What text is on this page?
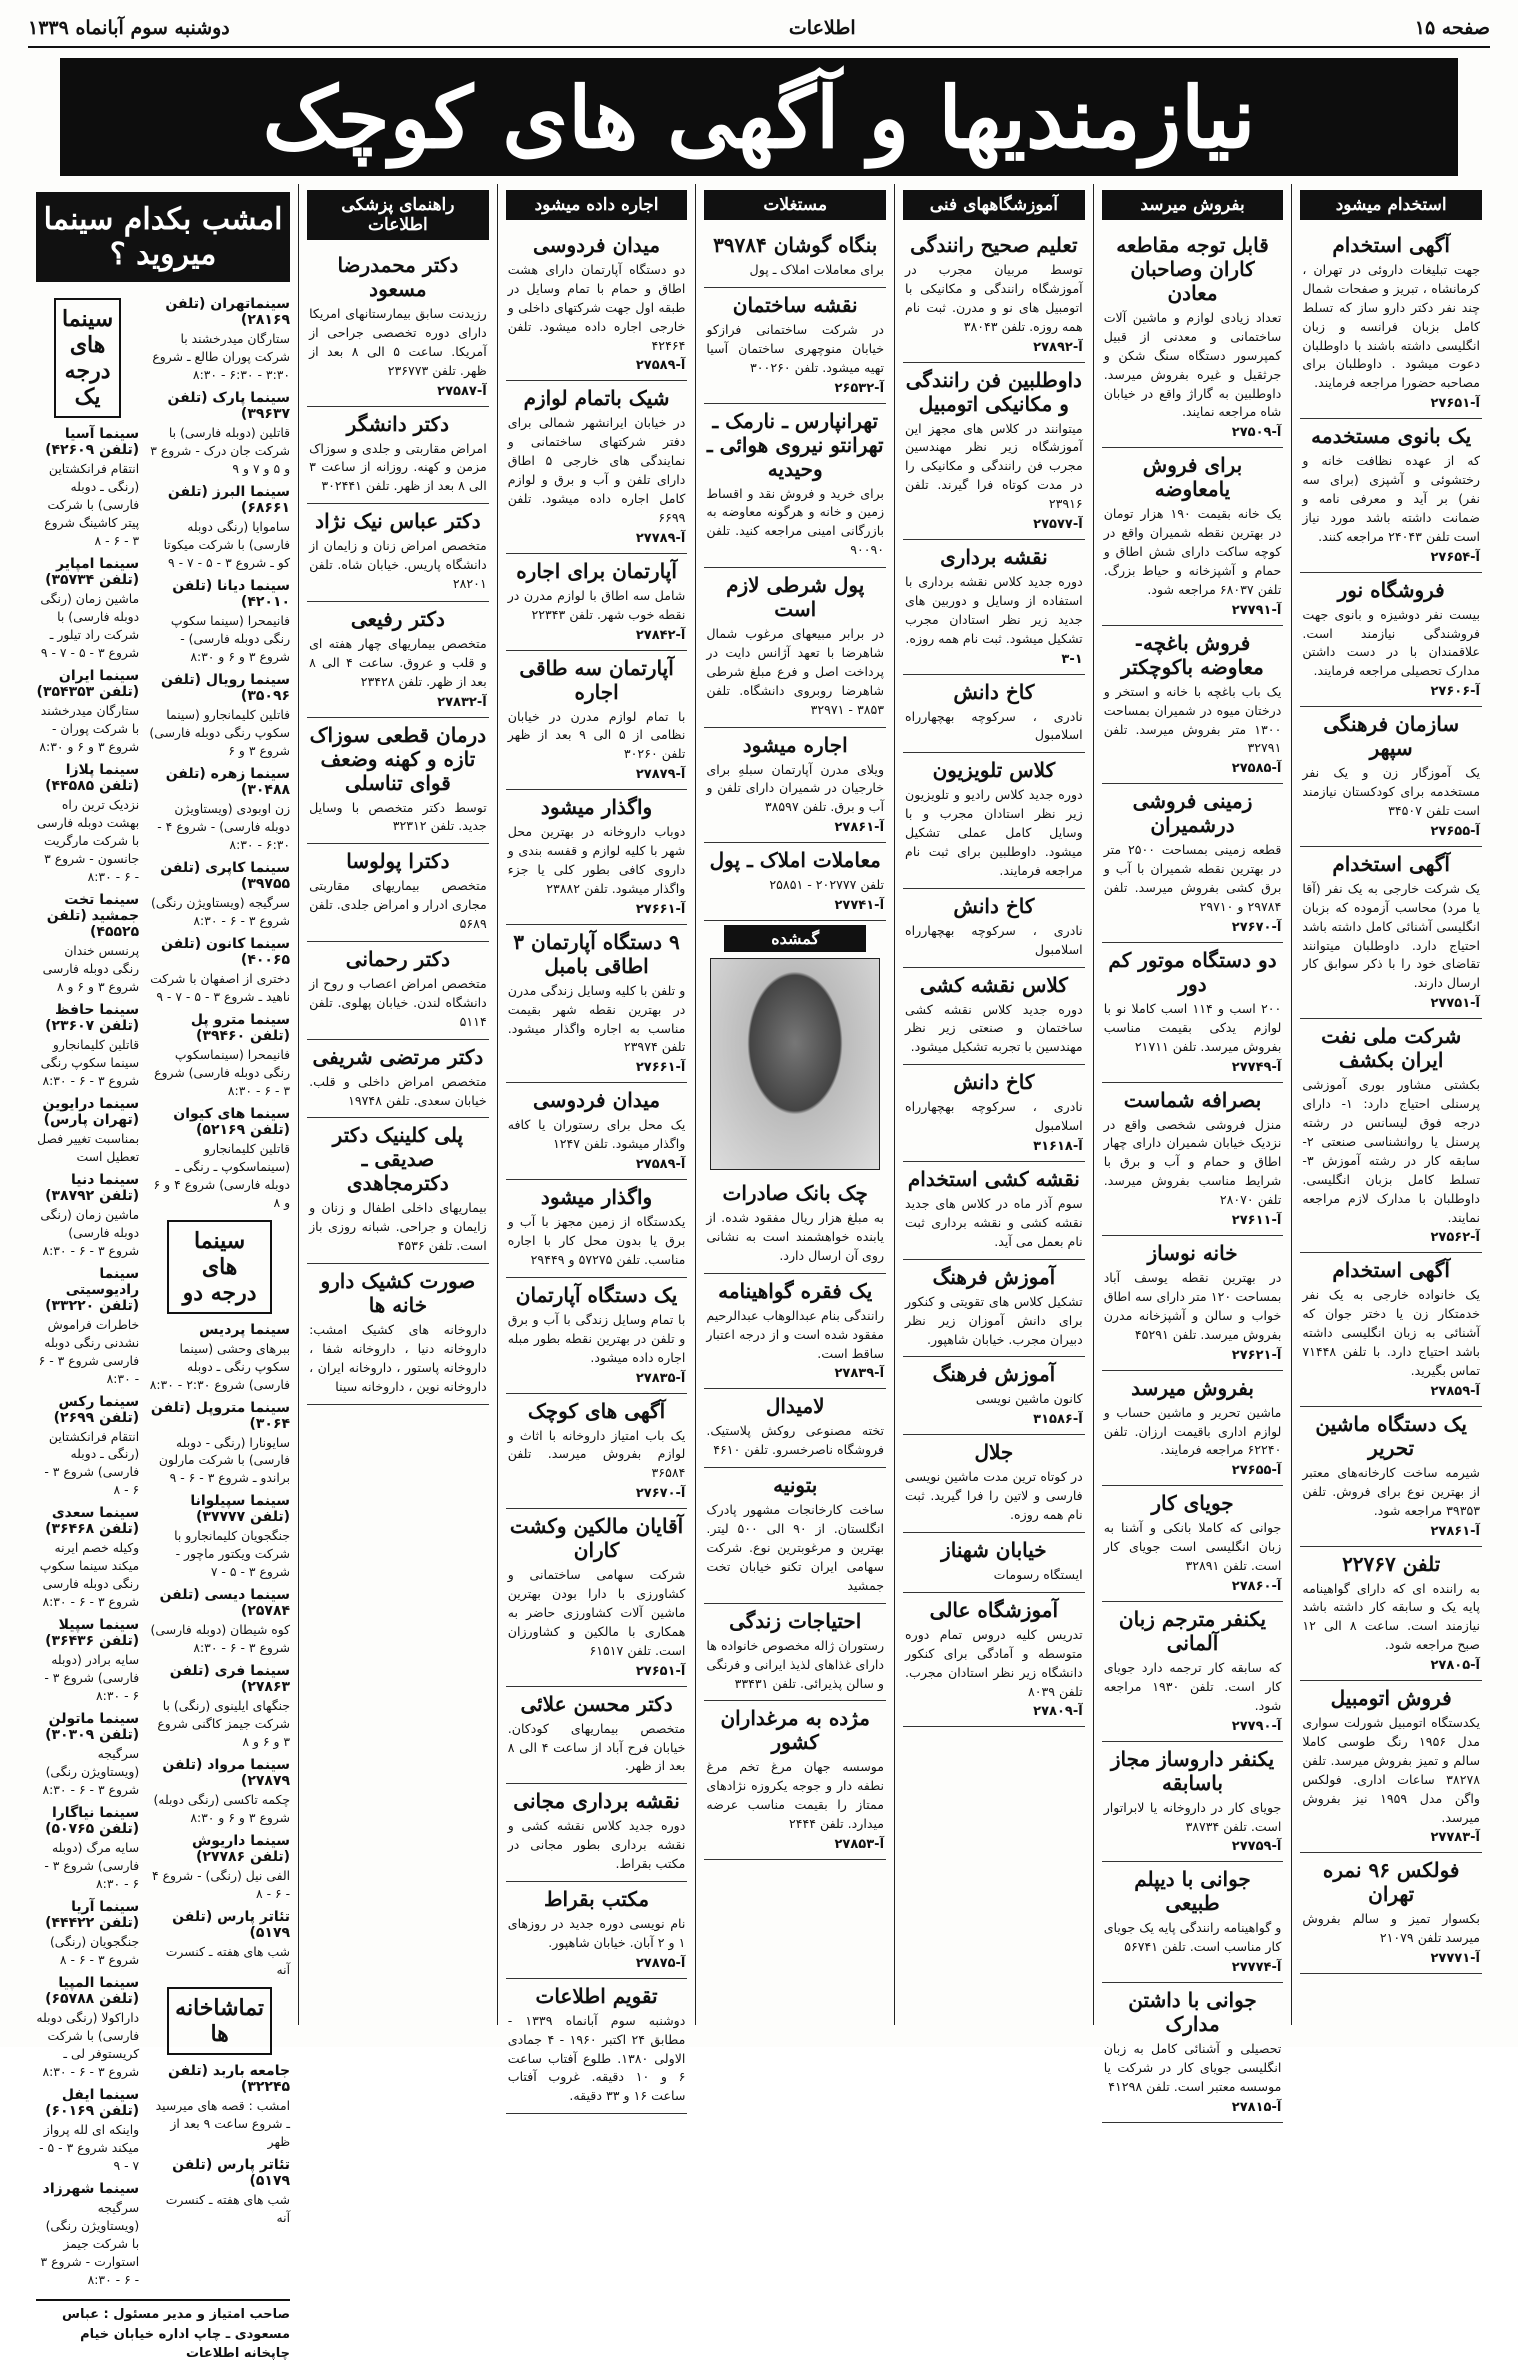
صفحه ۱۵
اطلاعات
دوشنبه سوم آبانماه ۱۳۳۹
نیازمندیها و آگهی های کوچک
استخدام میشود
آگهی استخدام

جهت تبلیغات داروئی در تهران ، کرمانشاه ، تبریز و صفحات شمال چند نفر دکتر دارو ساز که تسلط کامل بزبان فرانسه و زبان انگلیسی داشته باشند با داوطلبان دعوت میشود . داوطلبان برای مصاحبه حضورا مراجعه فرمایند.

آ-۲۷۶۵۱
یک بانوی مستخدمه

که از عهده نظافت خانه و رختشوئی و آشپزی (برای سه نفر) بر آید و معرفی نامه و ضمانت داشته باشد مورد نیاز است تلفن ۲۴۰۴۳ مراجعه کنند.

آ-۲۷۶۵۴
فروشگاه نور

بیست نفر دوشیزه و بانوی جهت فروشندگی نیازمند است. علاقمندان با در دست داشتن مدارک تحصیلی مراجعه فرمایند.

آ-۲۷۶۰۶
سازمان فرهنگی سپهر

یک آموزگار زن و یک نفر مستخدمه برای کودکستان نیازمند است تلفن ۳۴۵۰۷

آ-۲۷۶۵۵
آگهی استخدام

یک شرکت خارجی به یک نفر (آقا یا مرد) محاسب آزموده که بزبان انگلیسی آشنائی کامل داشته باشد احتیاج دارد. داوطلبان میتوانند تقاضای خود را با ذکر سوابق کار ارسال دارند.

آ-۲۷۷۵۱
شرکت ملی نفت ایران بکشف

بکشتی مشاور بوری آموزشی پرسنلی احتیاج دارد: ۱- دارای درجه فوق لیسانس در رشته پرسنل یا روانشناسی صنعتی ۲- سابقه کار در رشته آموزش ۳- تسلط کامل بزبان انگلیسی. داوطلبان با مدارک لازم مراجعه نمایند.

آ-۲۷۵۶۲
آگهی استخدام

یک خانواده خارجی به یک نفر خدمتکار زن یا دختر جوان که آشنائی به زبان انگلیسی داشته باشد احتیاج دارد. با تلفن ۷۱۴۴۸ تماس بگیرید.

آ-۲۷۸۵۹
یک دستگاه ماشین تحریر

شیرمه ساخت کارخانه‌های معتبر از بهترین نوع برای فروش. تلفن ۳۹۳۵۳ مراجعه شود.

آ-۲۷۸۶۱
تلفن ۲۲۷۶۷

به راننده ای که دارای گواهینامه پایه یک و سابقه کار داشته باشد نیازمند است. ساعت ۸ الی ۱۲ صبح مراجعه شود.

آ-۲۷۸۰۵
فروش اتومبیل

یکدستگاه اتومبیل شورلت سواری مدل ۱۹۵۶ رنگ طوسی کاملا سالم و تمیز بفروش میرسد. تلفن ۳۸۲۷۸ ساعات اداری. فولکس واگن مدل ۱۹۵۹ نیز بفروش میرسد.

آ-۲۷۷۸۳
فولکس ۹۶ نمره تهران

بکسوار تمیز و سالم بفروش میرسد تلفن ۲۱۰۷۹

آ-۲۷۷۷۱
بفروش میرسد
قابل توجه مقاطعه کاران وصاحبان معادن

تعداد زیادی لوازم و ماشین آلات ساختمانی و معدنی از قبیل کمپرسور دستگاه سنگ شکن و جرثقیل و غیره بفروش میرسد. داوطلبین به گاراژ واقع در خیابان شاه مراجعه نمایند.

آ-۲۷۵۰۹
برای فروش یامعاوضه

یک خانه بقیمت ۱۹۰ هزار تومان در بهترین نقطه شمیران واقع در کوچه ساکت دارای شش اطاق و حمام و آشپزخانه و حیاط بزرگ. تلفن ۶۸۰۳۷ مراجعه شود.

آ-۲۷۷۹۱
فروش باغچه-معاوضه باکوچکتر

یک باب باغچه با خانه و استخر و درختان میوه در شمیران بمساحت ۱۳۰۰ متر بفروش میرسد. تلفن ۳۲۷۹۱

آ-۲۷۵۸۵
زمینی فروشی درشمیران

قطعه زمینی بمساحت ۲۵۰۰ متر در بهترین نقطه شمیران با آب و برق کشی بفروش میرسد. تلفن ۲۹۷۸۴ و ۲۹۷۱۰

آ-۲۷۶۷۰
دو دستگاه موتور کم دور

۲۰۰ اسب و ۱۱۴ اسب کاملا نو با لوازم یدکی بقیمت مناسب بفروش میرسد. تلفن ۲۱۷۱۱

آ-۲۷۷۴۹
بصرافه شماست

منزل فروشی شخصی واقع در نزدیک خیابان شمیران دارای چهار اطاق و حمام و آب و برق با شرایط مناسب بفروش میرسد. تلفن ۲۸۰۷۰

آ-۲۷۶۱۱
خانه نوساز

در بهترین نقطه یوسف آباد بمساحت ۱۲۰ متر دارای سه اطاق خواب و سالن و آشپزخانه مدرن بفروش میرسد. تلفن ۴۵۲۹۱

آ-۲۷۶۲۱
بفروش میرسد

ماشین تحریر و ماشین حساب و لوازم اداری باقیمت ارزان. تلفن ۶۲۲۴۰ مراجعه فرمایند.

آ-۲۷۶۵۵
جویای کار

جوانی که کاملا بانکی و آشنا به زبان انگلیسی است جویای کار است. تلفن ۳۲۸۹۱

آ-۲۷۸۶۰
یکنفر مترجم زبان آلمانی

که سابقه کار ترجمه دارد جویای کار است. تلفن ۱۹۳۰ مراجعه شود.

آ-۲۷۷۹۰
یکنفر داروساز مجاز باسابقه

جویای کار در داروخانه یا لابراتوار است. تلفن ۳۸۷۳۴

آ-۲۷۷۵۹
جوانی با دیپلم طبیعی

و گواهینامه رانندگی پایه یک جویای کار مناسب است. تلفن ۵۶۷۴۱

آ-۲۷۷۷۴
جوانی با داشتن مدارک

تحصیلی و آشنائی کامل به زبان انگلیسی جویای کار در شرکت یا موسسه معتبر است. تلفن ۴۱۲۹۸

آ-۲۷۸۱۵
آموزشگاههای فنی
تعلیم صحیح رانندگی

توسط مربیان مجرب در آموزشگاه رانندگی و مکانیکی با اتومبیل های نو و مدرن. ثبت نام همه روزه. تلفن ۳۸۰۴۳

آ-۲۷۸۹۲
داوطلبین فن رانندگی و مکانیکی اتومبیل

میتوانند در کلاس های مجهز این آموزشگاه زیر نظر مهندسین مجرب فن رانندگی و مکانیکی را در مدت کوتاه فرا گیرند. تلفن ۲۳۹۱۶

آ-۲۷۵۷۷
نقشه برداری

دوره جدید کلاس نقشه برداری با استفاده از وسایل و دوربین های جدید زیر نظر استادان مجرب تشکیل میشود. ثبت نام همه روزه.

۳-۱
کاخ دانش

نادری ، سرکوچه بهچهارراه اسلامبول

کلاس تلویزیون

دوره جدید کلاس رادیو و تلویزیون زیر نظر استادان مجرب و با وسایل کامل عملی تشکیل میشود. داوطلبین برای ثبت نام مراجعه فرمایند.

کاخ دانش

نادری ، سرکوچه بهچهارراه اسلامبول

کلاس نقشه کشی

دوره جدید کلاس نقشه کشی ساختمان و صنعتی زیر نظر مهندسین با تجربه تشکیل میشود.

کاخ دانش

نادری ، سرکوچه بهچهارراه اسلامبول

آ-۳۱۶۱۸
نقشه کشی استخدام

سوم آذر ماه در کلاس های جدید نقشه کشی و نقشه برداری ثبت نام بعمل می آید.

آموزش فرهنگ

تشکیل کلاس های تقویتی و کنکور برای دانش آموزان زیر نظر دبیران مجرب. خیابان شاهپور.

آموزش فرهنگ

کانون ماشین نویسی

آ-۳۱۵۸۶
جلال

در کوتاه ترین مدت ماشین نویسی فارسی و لاتین را فرا گیرید. ثبت نام همه روزه.

خیابان شهناز

ایستگاه رسومات

آموزشگاه عالی

تدریس کلیه دروس تمام دوره متوسطه و آمادگی برای کنکور دانشگاه زیر نظر استادان مجرب. تلفن ۸۰۳۹

آ-۲۷۸۰۹
مستغلات
بنگاه گوشان ۳۹۷۸۴

برای معاملات املاک ـ پول

نقشه ساختمان

در شرکت ساختمانی فرازکو خیابان منوچهری ساختمان آسیا تهیه میشود. تلفن ۳۰۰۲۶۰

آ-۲۶۵۳۲
تهرانپارس ـ نارمک ـ تهرانتو نیروی هوائی ـ وحیدیه

برای خرید و فروش نقد و اقساط زمین و خانه و هرگونه معاوضه به بازرگانی امینی مراجعه کنید. تلفن ۹۰۰۹۰

پول شرطی لازم است

در برابر مبیعهای مرغوب شمال شاهرضا با تعهد آژانس دایت در پرداخت اصل و فرع مبلغ شرطی شاهرضا روبروی دانشگاه. تلفن ۳۸۵۳ - ۳۲۹۷۱

اجاره میشود

ویلای مدرن آپارتمان سبلهِ برای خارجیان در شمیران دارای تلفن و آب و برق. تلفن ۳۸۵۹۷

آ-۲۷۸۶۱
معاملات املاک ـ پول

تلفن ۲۰۲۷۷۷ - ۲۵۸۵۱

آ-۲۷۷۴۱
گمشده
چک بانک صادرات

به مبلغ هزار ریال مفقود شده. از یابنده خواهشمند است به نشانی روی آن ارسال دارد.

یک فقره گواهینامه

رانندگی بنام عبدالوهاب عبدالرحیم مفقود شده است و از درجه اعتبار ساقط است.

آ-۲۷۸۳۹
لامیدال

تخته مصنوعی روکش پلاستیک. فروشگاه ناصرخسرو. تلفن ۴۶۱۰

بتونیه

ساخت کارخانجات مشهور پادرک انگلستان. از ۹۰ الی ۵۰۰ لیتر. بهترین و مرغوبترین نوع. شرکت سهامی ایران تکنو خیابان تخت جمشید

احتیاجات زندگی

رستوران ژاله مخصوص خانواده ها دارای غذاهای لذیذ ایرانی و فرنگی و سالن پذیرائی. تلفن ۳۳۴۳۱

مژده به مرغداران کشور

موسسه جهان مرغ تخم مرغ نطفه دار و جوجه یکروزه نژادهای ممتاز را بقیمت مناسب عرضه میدارد. تلفن ۲۴۴۴

آ-۲۷۸۵۳
اجاره داده میشود
میدان فردوسی

دو دستگاه آپارتمان دارای هشت اطاق و حمام با تمام وسایل در طبقه اول جهت شرکتهای داخلی و خارجی اجاره داده میشود. تلفن ۴۲۴۶۴

آ-۲۷۵۸۹
شیک باتمام لوازم

در خیابان ایرانشهر شمالی برای دفتر شرکتهای ساختمانی و نمایندگی های خارجی ۵ اطاق دارای تلفن و آب و برق و لوازم کامل اجاره داده میشود. تلفن ۶۶۹۹

آ-۲۷۷۸۹
آپارتمان برای اجاره

شامل سه اطاق با لوازم مدرن در نقطه خوب شهر. تلفن ۲۲۳۴۳

آ-۲۷۸۴۲
آپارتمان سه طاقی اجاره

با تمام لوازم مدرن در خیابان نظامی از ۵ الی ۹ بعد از ظهر تلفن ۳۰۲۶۰

آ-۲۷۸۷۹
واگذار میشود

دوباب داروخانه در بهترین محل شهر با کلیه لوازم و قفسه بندی و داروی کافی بطور کلی یا جزء واگذار میشود. تلفن ۲۳۸۸۲

آ-۲۷۶۶۱
۹ دستگاه آپارتمان ۳ اطاقی بامبل

و تلفن با کلیه وسایل زندگی مدرن در بهترین نقطه شهر بقیمت مناسب به اجاره واگذار میشود. تلفن ۲۳۹۷۴

آ-۲۷۶۶۱
میدان فردوسی

یک محل برای رستوران یا کافه واگذار میشود. تلفن ۱۲۴۷

آ-۲۷۵۸۹
واگذار میشود

یکدستگاه از زمین مجهز با آب و برق یا بدون محل کار با اجاره مناسب. تلفن ۵۷۲۷۵ و ۲۹۴۴۹

یک دستگاه آپارتمان

با تمام وسایل زندگی با آب و برق و تلفن در بهترین نقطه بطور مبله اجاره داده میشود.

آ-۲۷۸۳۵
آگهی های کوچک

یک باب امتیاز داروخانه با اثاث و لوازم بفروش میرسد. تلفن ۳۶۵۸۴

آ-۲۷۶۷۰
آقایان مالکین وکشت کاران

شرکت سهامی ساختمانی و کشاورزی با دارا بودن بهترین ماشین آلات کشاورزی حاضر به همکاری با مالکین و کشاورزان است. تلفن ۶۱۵۱۷

آ-۲۷۶۵۱
دکتر محسن علائی

متخصص بیماریهای کودکان. خیابان فرح آباد از ساعت ۴ الی ۸ بعد از ظهر.

نقشه برداری مجانی

دوره جدید کلاس نقشه کشی و نقشه برداری بطور مجانی در مکتب بقراط.

مکتب بقراط

نام نویسی دوره جدید در روزهای ۱ و ۲ آبان. خیابان شاهپور.

آ-۲۷۸۷۵
تقویم اطلاعات

دوشنبه سوم آبانماه ۱۳۳۹ - مطابق ۲۴ اکتبر ۱۹۶۰ - ۴ جمادی الاولی ۱۳۸۰. طلوع آفتاب ساعت ۶ و ۱۰ دقیقه. غروب آفتاب ساعت ۱۶ و ۳۳ دقیقه.

راهنمای پزشکی اطلاعات
دکتر محمدرضا مسعود

رزیدنت سابق بیمارستانهای امریکا دارای دوره تخصصی جراحی از آمریکا. ساعت ۵ الی ۸ بعد از ظهر. تلفن ۲۳۶۷۷۳

آ-۲۷۵۸۷
دکتر دانشگر

امراض مقاربتی و جلدی و سوزاک مزمن و کهنه. روزانه از ساعت ۳ الی ۸ بعد از ظهر. تلفن ۳۰۲۴۴۱

دکتر عباس نیک نژاد

متخصص امراض زنان و زایمان از دانشگاه پاریس. خیابان شاه. تلفن ۲۸۲۰۱

دکتر رفیعی

متخصص بیماریهای چهار هفته ای و قلب و عروق. ساعت ۴ الی ۸ بعد از ظهر. تلفن ۲۳۴۲۸

آ-۲۷۸۳۲
درمان قطعی سوزاک تازه و کهنه وضعف قوای تناسلی

توسط دکتر متخصص با وسایل جدید. تلفن ۳۲۳۱۲

دکترا پولوسا

متخصص بیماریهای مقاربتی مجاری ادرار و امراض جلدی. تلفن ۵۶۸۹

دکتر رحمانی

متخصص امراض اعصاب و روح از دانشگاه لندن. خیابان پهلوی. تلفن ۵۱۱۴

دکتر مرتضی شریفی

متخصص امراض داخلی و قلب. خیابان سعدی. تلفن ۱۹۷۴۸

پلی کلینیک دکتر صدیقی ـ دکترمجاهدی

بیماریهای داخلی اطفال و زنان و زایمان و جراحی. شبانه روزی باز است. تلفن ۴۵۳۶

صورت کشیک دارو خانه ها

داروخانه های کشیک امشب: داروخانه دنیا ، داروخانه شفا ، داروخانه پاستور ، داروخانه ایران ، داروخانه نوین ، داروخانه سینا

امشب بکدام سینما میروید ؟
سینما های درجه یک
سینما آسیا (تلفن ۴۲۶۰۹)

انتقام فرانکشتاین (رنگی ـ دوبله فارسی) با شرکت پیتر کاشینگ شروع ۳ - ۶ - ۸

سینما امپایر (تلفن ۳۵۷۳۴)

ماشین زمان (رنگی دوبله فارسی) با شرکت راد تیلور ـ شروع ۳ - ۵ - ۷ - ۹

سینما ایران (تلفن ۳۵۴۳۵۳)

ستارگان میدرخشند با شرکت پوران - شروع ۳ و ۶ و ۸:۳۰

سینما پلازا (تلفن ۴۴۵۸۵)

نزدیک ترین راه بهشت دوبله فارسی با شرکت مارگریت جانسون - شروع ۳ - ۶ - ۸:۳۰

سینما تخت جمشید (تلفن ۴۵۵۲۵)

پرنسس خندان رنگی دوبله فارسی شروع ۳ و ۶ و ۸

سینما حافظ (تلفن ۲۳۶۰۷)

قاتلین کلیمانجارو سینما سکوپ رنگی شروع ۳ - ۶ - ۸:۳۰

سینما درایوین (تهران پارس)

بمناسبت تغییر فصل تعطیل است

سینما دنیا (تلفن ۳۸۷۹۲)

ماشین زمان (رنگی دوبله فارسی) شروع ۳ - ۶ - ۸:۳۰

سینما رادیوسیتی (تلفن ۳۳۲۲۰)

خاطرات فراموش نشدنی رنگی دوبله فارسی شروع ۳ - ۶ - ۸:۳۰

سینما رکس (تلفن ۲۶۹۹)

انتقام فرانکشتاین (رنگی ـ دوبله فارسی) شروع ۳ - ۶ - ۸

سینما سعدی (تلفن ۳۶۴۶۸)

وکیله خصم ایرنه میکند سینما سکوپ رنگی دوبله فارسی شروع ۳ - ۶ - ۸:۳۰

سینما سپیلا (تلفن ۳۶۴۳۶)

سایه برادر (دوبله فارسی) شروع ۳ - ۶ - ۸:۳۰

سینما ماتولن (تلفن ۳۰۳۰۹)

سرگیجه (ویستاویژن رنگی) شروع ۳ - ۶ - ۸:۳۰

سینما نیاگارا (تلفن ۵۰۷۶۵)

سایه مرگ (دوبله فارسی) شروع ۳ - ۶ - ۸:۳۰

سینما آریا (تلفن ۴۴۴۲۲)

جنگجویان (رنگی) شروع ۳ - ۶ - ۸

سینما المپیا (تلفن ۶۵۷۸۸)

داراکولا (رنگی دوبله فارسی) با شرکت کریستوفر لی ـ شروع ۳ - ۶ - ۸:۳۰

سینما ایفل (تلفن ۶۰۱۶۹)

واینکه ای لله پرواز میکند شروع ۳ - ۵ - ۷ - ۹

سینما شهرزاد

سرگیجه (ویستاویژن رنگی) با شرکت جیمز استوارت - شروع ۳ - ۶ - ۸:۳۰

سینماتهران (تلفن ۲۸۱۶۹)

ستارگان میدرخشند با شرکت پوران طالع ـ شروع ۳:۳۰ - ۶:۳۰ - ۸:۳۰

سینما پارک (تلفن ۳۹۶۳۷)

قاتلین (دوبله فارسی) با شرکت جان درک - شروع ۳ و ۵ و ۷ و ۹

سینما البرز (تلفن ۶۸۶۶۱)

ساموایا (رنگی دوبله فارسی) با شرکت میکوتا کو ـ شروع ۳ - ۵ - ۷ - ۹

سینما دیانا (تلفن ۴۲۰۱۰)

فانیمحرا (سینما سکوپ رنگی دوبله فارسی) - شروع ۳ و ۶ و ۸:۳۰

سینما رویال (تلفن ۳۵۰۹۶)

فاتلین کلیمانجارو (سینما سکوپ رنگی دوبله فارسی) شروع ۳ و ۶

سینما زهره (تلفن ۳۰۴۸۸)

زن اوبودی (ویستاویژن دوبله فارسی) - شروع ۴ - ۶:۳۰ - ۸:۳۰

سینما کاپری (تلفن ۳۹۷۵۵)

سرگیجه (ویستاویژن رنگی) شروع ۳ - ۶ - ۸:۳۰

سینما کانون (تلفن ۴۰۰۶۵)

دختری از اصفهان با شرکت ناهید ـ شروع ۳ - ۵ - ۷ - ۹

سینما مترو پل (تلفن ۳۹۴۶۰)

فانیمحرا (سینماسکوپ رنگی دوبله فارسی) شروع ۳ - ۶ - ۸:۳۰

سینما های کیوان (تلفن ۵۲۱۶۹)

قاتلین کلیمانجارو (سینماسکوپ ـ رنگی ـ دوبله فارسی) شروع ۴ و ۶ و ۸

سینما های درجه دو
سینما پردیس

ببرهای وحشی (سینما سکوپ رنگی ـ دوبله فارسی) شروع ۲:۳۰ - ۸:۳۰

سینما متروپل (تلفن ۳۰۶۴)

سایونارا (رنگی - دوبله فارسی) با شرکت مارلون براندو ـ شروع ۳ - ۶ - ۹

سینما سپیلوانا (تلفن ۳۷۷۷۷)

جنگجویان کلیمانجارو با شرکت ویکتور ماچور - شروع ۳ - ۵ - ۷

سینما دیسی (تلفن ۲۵۷۸۴)

کوه شیطان (دوبله فارسی) شروع ۳ - ۶ - ۸:۳۰

سینما فری (تلفن ۲۷۸۶۳)

جنگهای ایلینوی (رنگی) با شرکت جیمز کاگنی شروع ۳ و ۶ و ۸

سینما مرواد (تلفن ۲۷۸۷۹)

چکمه تاکسی (رنگی دوبله) شروع ۳ و ۶ و ۸:۳۰

سینما داریوش (تلفن ۲۷۷۸۶)

الفی نیل (رنگی) - شروع ۴ - ۶ - ۸

تئاتر پارس (تلفن ۵۱۷۹)

شب های هفته ـ کنسرت آنه

تماشاخانه ها
جامعه باربد (تلفن ۳۲۲۴۵)

امشب : قصه های میرسید ـ شروع ساعت ۹ بعد از ظهر

تئاتر پارس (تلفن ۵۱۷۹)

شب های هفته ـ کنسرت آنه

صاحب امتیاز و مدیر مسئول : عباس مسعودی ـ چاپ اداره خیابان خیام چاپخانه اطلاعات
